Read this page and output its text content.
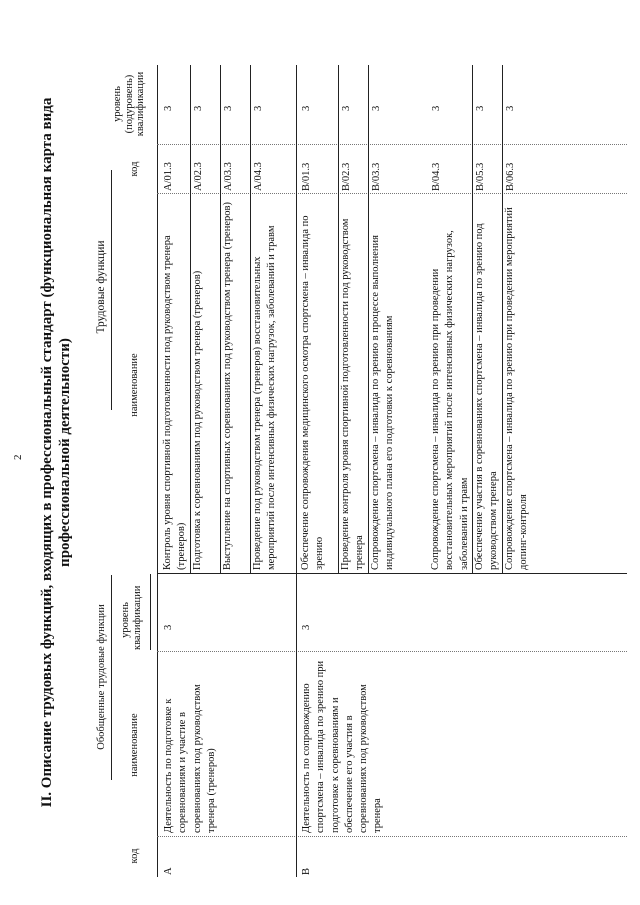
2 II. Описание трудовых функций, входящих в профессиональный стандарт (функциональная карта вида профессиональной деятельности)
Обобщенные трудовые функции
Трудовые функции
код
наименование
уровень квалификации
наименование
код
уровень (подуровень) квалификации
A
Деятельность по подготовке к соревнованиям и участие в соревнованиях под руководством тренера (тренеров)
3
Контроль уровня спортивной подготовленности под руководством тренера (тренеров)
A/01.3
3
Подготовка к соревнованиям под руководством тренера (тренеров)
A/02.3
3
Выступление на спортивных соревнованиях под руководством тренера (тренеров)
A/03.3
3
Проведение под руководством тренера (тренеров) восстановительных мероприятий после интенсивных физических нагрузок, заболеваний и травм
A/04.3
3
B
Деятельность по сопровождению спортсмена – инвалида по зрению при подготовке к соревнованиям и обеспечение его участия в соревнованиях под руководством тренера
3
Обеспечение сопровождения медицинского осмотра спортсмена – инвалида по зрению
B/01.3
3
Проведение контроля уровня спортивной подготовленности под руководством тренера
B/02.3
3
Сопровождение спортсмена – инвалида по зрению в процессе выполнения индивидуального плана его подготовки к соревнованиям
B/03.3
3
Сопровождение спортсмена – инвалида по зрению при проведении восстановительных мероприятий после интенсивных физических нагрузок, заболеваний и травм
B/04.3
3
Обеспечение участия в соревнованиях спортсмена – инвалида по зрению под руководством тренера
B/05.3
3
Сопровождение спортсмена – инвалида по зрению при проведении мероприятий допинг-контроля
B/06.3
3
